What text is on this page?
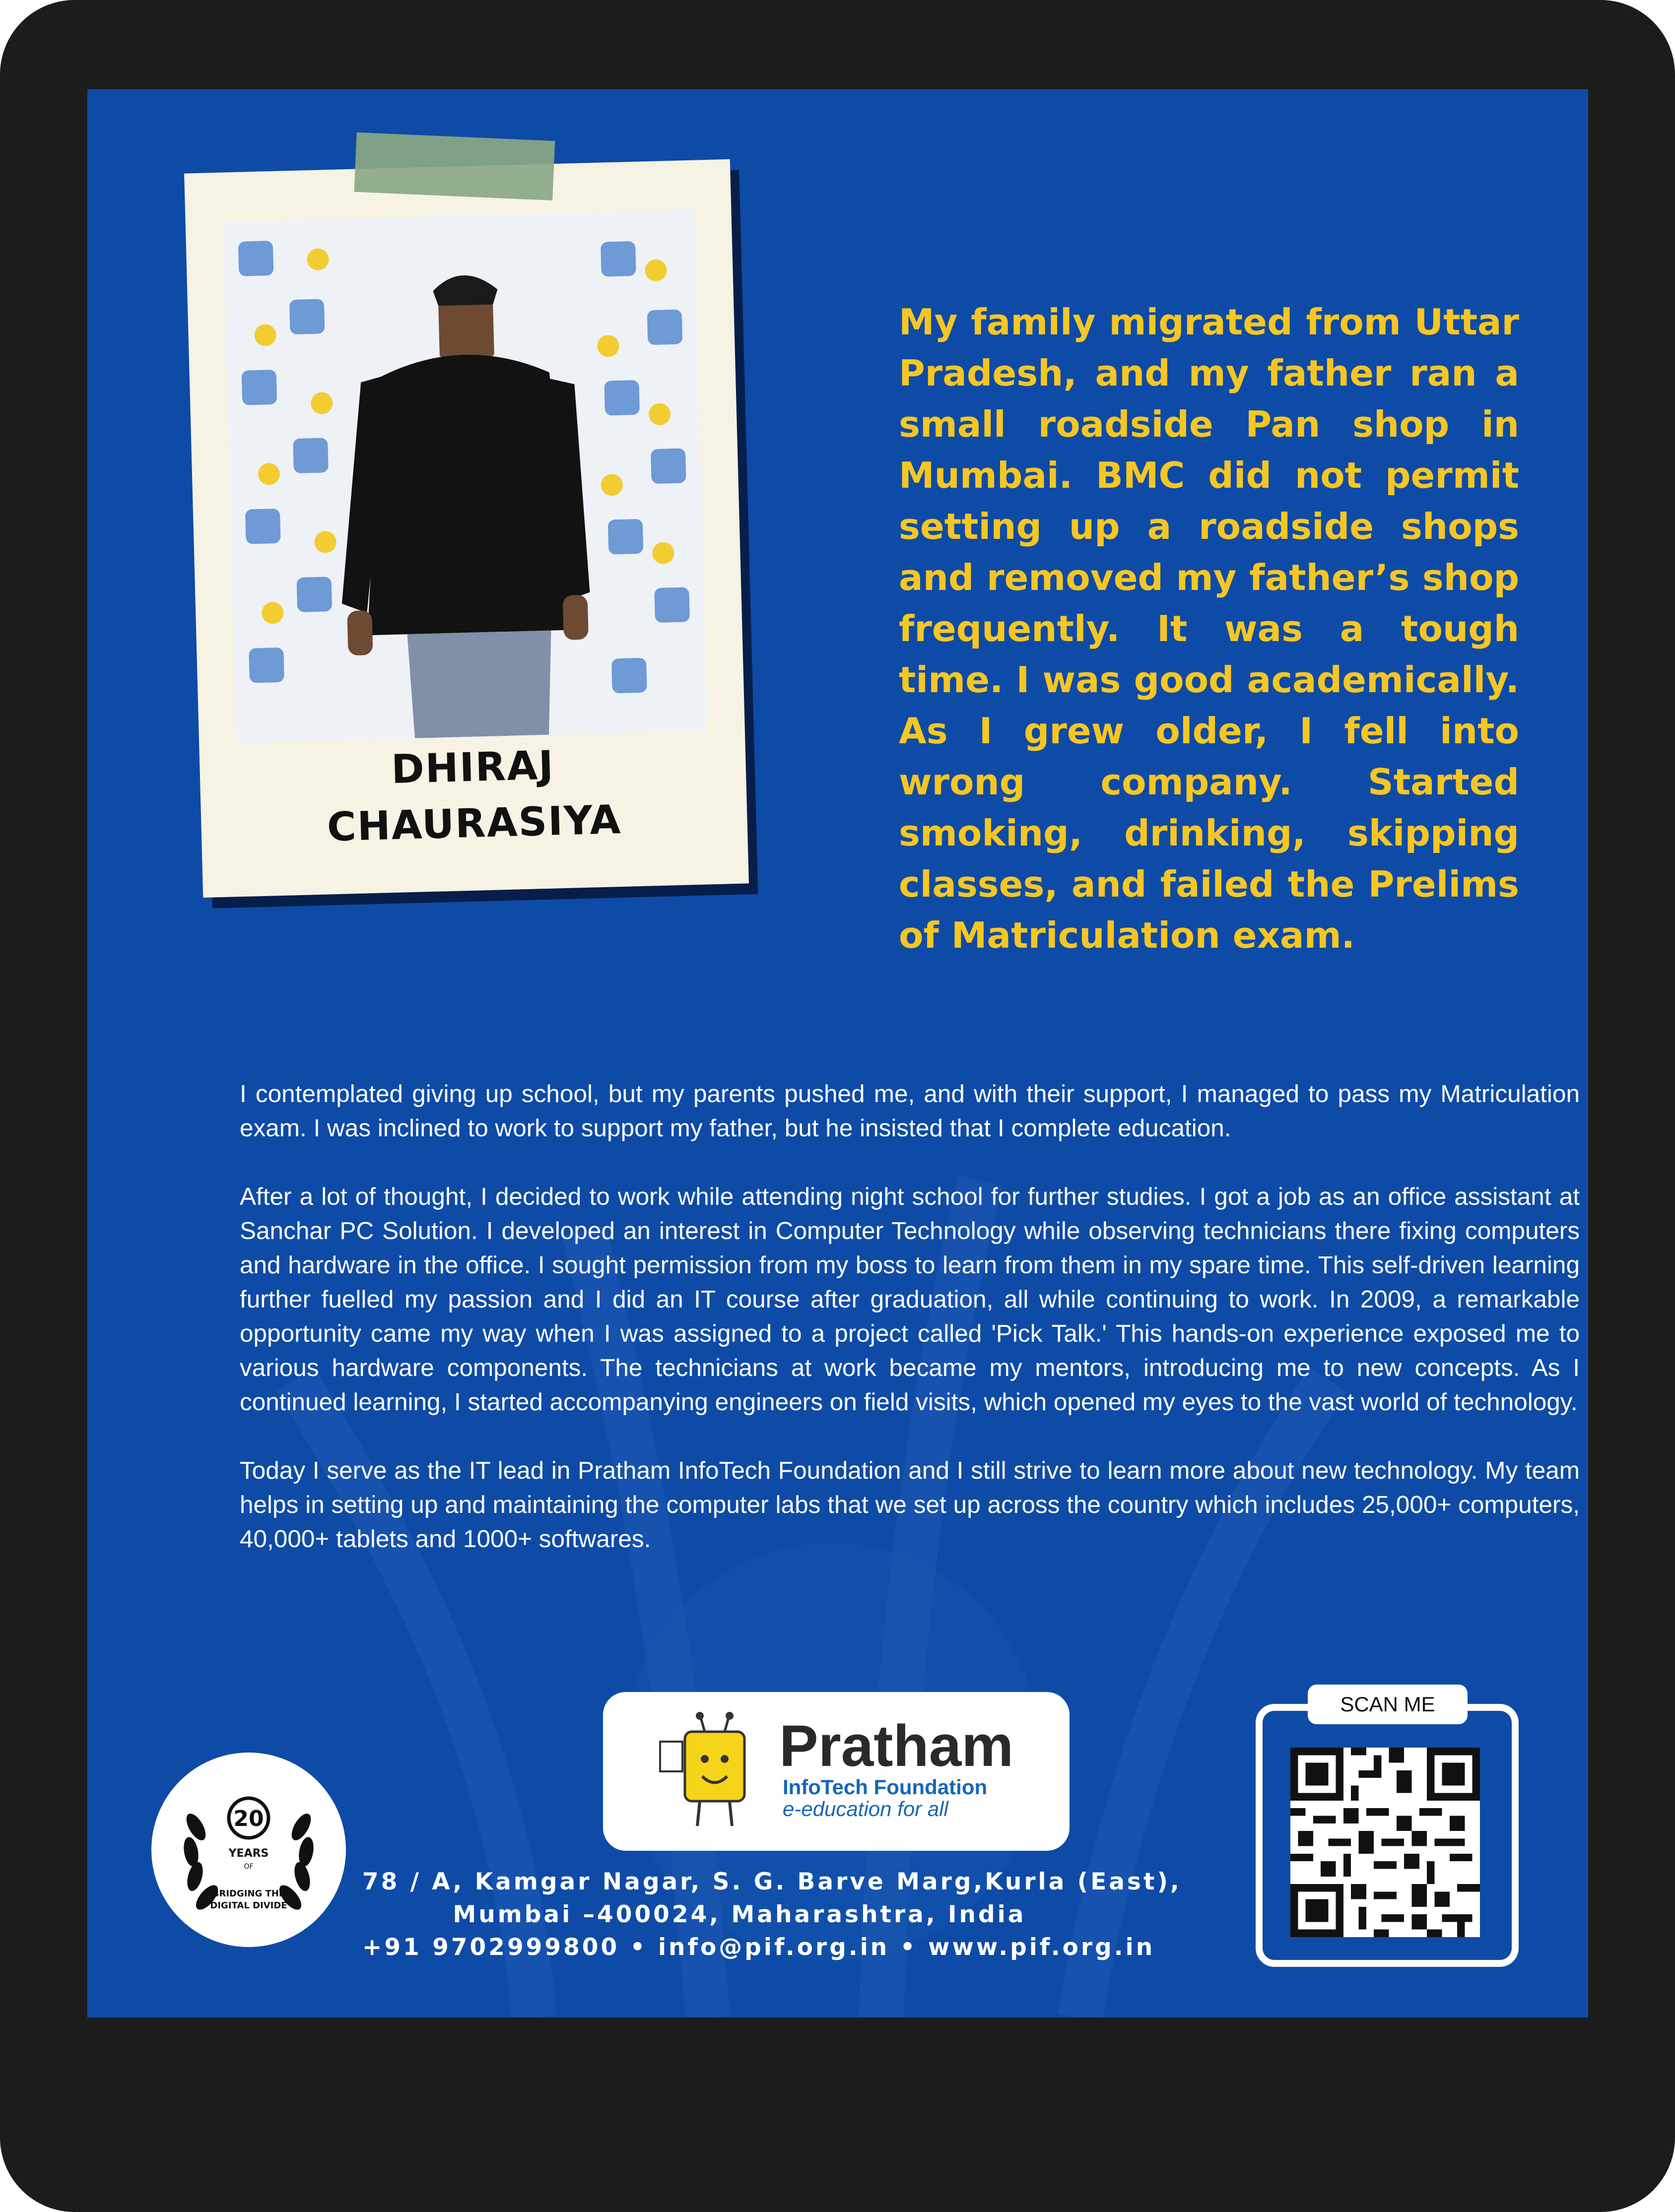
My family migrated from Uttar Pradesh, and my father ran a small roadside Pan shop in Mumbai. BMC did not permit setting up a roadside shops and removed my father’s shop frequently. It was a tough time. I was good academically. As I grew older, I fell into wrong company. Started smoking, drinking, skipping classes, and failed the Prelims of Matriculation exam.

I contemplated giving up school, but my parents pushed me, and with their support, I managed to pass my Matriculation exam. I was inclined to work to support my father, but he insisted that I complete education.

After a lot of thought, I decided to work while attending night school for further studies. I got a job as an office assistant at Sanchar PC Solution. I developed an interest in Computer Technology while observing technicians there fixing computers and hardware in the office. I sought permission from my boss to learn from them in my spare time. This self-driven learning further fuelled my passion and I did an IT course after graduation, all while continuing to work. In 2009, a remarkable opportunity came my way when I was assigned to a project called 'Pick Talk.' This hands-on experience exposed me to various hardware components. The technicians at work became my mentors, introducing me to new concepts. As I continued learning, I started accompanying engineers on field visits, which opened my eyes to the vast world of technology.

Today I serve as the IT lead in Pratham InfoTech Foundation and I still strive to learn more about new technology. My team helps in setting up and maintaining the computer labs that we set up across the country which includes 25,000+ computers, 40,000+ tablets and 1000+ softwares.

DHIRAJ
CHAURASIYA
20
YEARS
OF
BRIDGING THE
DIGITAL DIVIDE
Pratham
InfoTech Foundation
e-education for all
78 / A, Kamgar Nagar, S. G. Barve Marg,Kurla (East),
Mumbai –400024, Maharashtra, India
+91 9702999800 • info@pif.org.in • www.pif.org.in
SCAN ME
